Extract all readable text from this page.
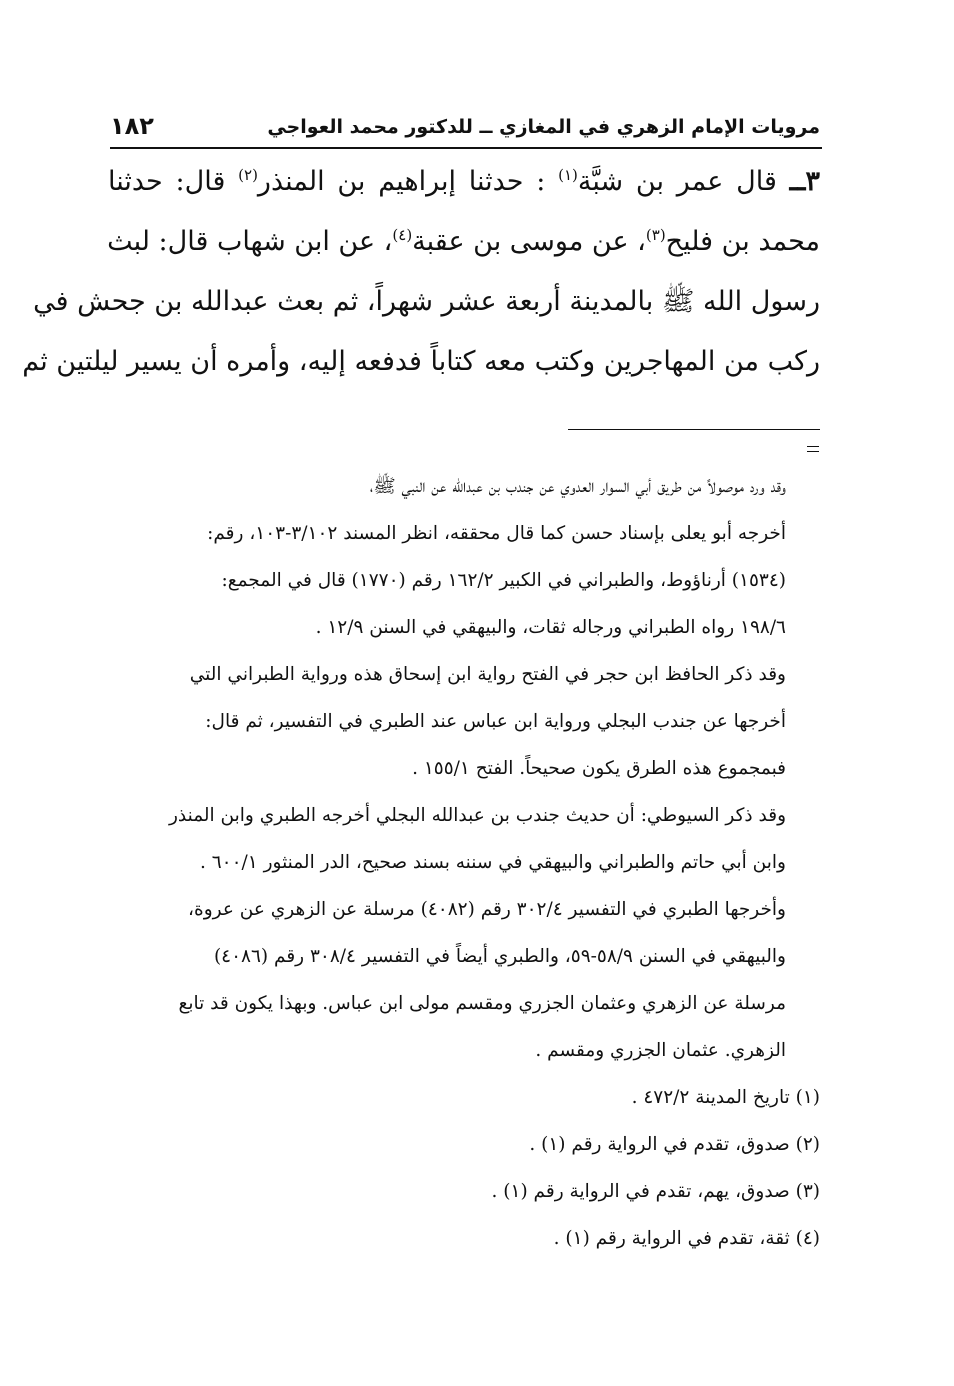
مرويات الإمام الزهري في المغازي ــ للدكتور محمد العواجي
١٨٢
٣ــ قال عمر بن شبَّة$^{(١)}$ : حدثنا إبراهيم بن المنذر$^{(٢)}$ قال: حدثنا
محمد بن فليح$^{(٣)}$، عن موسى بن عقبة$^{(٤)}$، عن ابن شهاب قال: لبث
رسول الله ﷺ بالمدينة أربعة عشر شهراً، ثم بعث عبدالله بن جحش في
ركب من المهاجرين وكتب معه كتاباً فدفعه إليه، وأمره أن يسير ليلتين ثم

وقد ورد موصولاً من طريق أبي السوار العدوي عن جندب بن عبدالله عن النبي ﷺ،
أخرجه أبو يعلى بإسناد حسن كما قال محققه، انظر المسند ٣/١٠٢-١٠٣، رقم:
(١٥٣٤) أرناؤوط، والطبراني في الكبير ١٦٢/٢ رقم (١٧٧٠) قال في المجمع:
١٩٨/٦ رواه الطبراني ورجاله ثقات، والبيهقي في السنن ١٢/٩ .

وقد ذكر الحافظ ابن حجر في الفتح رواية ابن إسحاق هذه ورواية الطبراني التي
أخرجها عن جندب البجلي ورواية ابن عباس عند الطبري في التفسير، ثم قال:
فبمجموع هذه الطرق يكون صحيحاً. الفتح ١٥٥/١ .

وقد ذكر السيوطي: أن حديث جندب بن عبدالله البجلي أخرجه الطبري وابن المنذر
وابن أبي حاتم والطبراني والبيهقي في سننه بسند صحيح، الدر المنثور ٦٠٠/١ .

وأخرجها الطبري في التفسير ٣٠٢/٤ رقم (٤٠٨٢) مرسلة عن الزهري عن عروة،
والبيهقي في السنن ٥٨/٩-٥٩، والطبري أيضاً في التفسير ٣٠٨/٤ رقم (٤٠٨٦)
مرسلة عن الزهري وعثمان الجزري ومقسم مولى ابن عباس. وبهذا يكون قد تابع
الزهري. عثمان الجزري ومقسم .

(١) تاريخ المدينة ٤٧٢/٢ .

(٢) صدوق، تقدم في الرواية رقم (١) .

(٣) صدوق، يهم، تقدم في الرواية رقم (١) .

(٤) ثقة، تقدم في الرواية رقم (١) .
